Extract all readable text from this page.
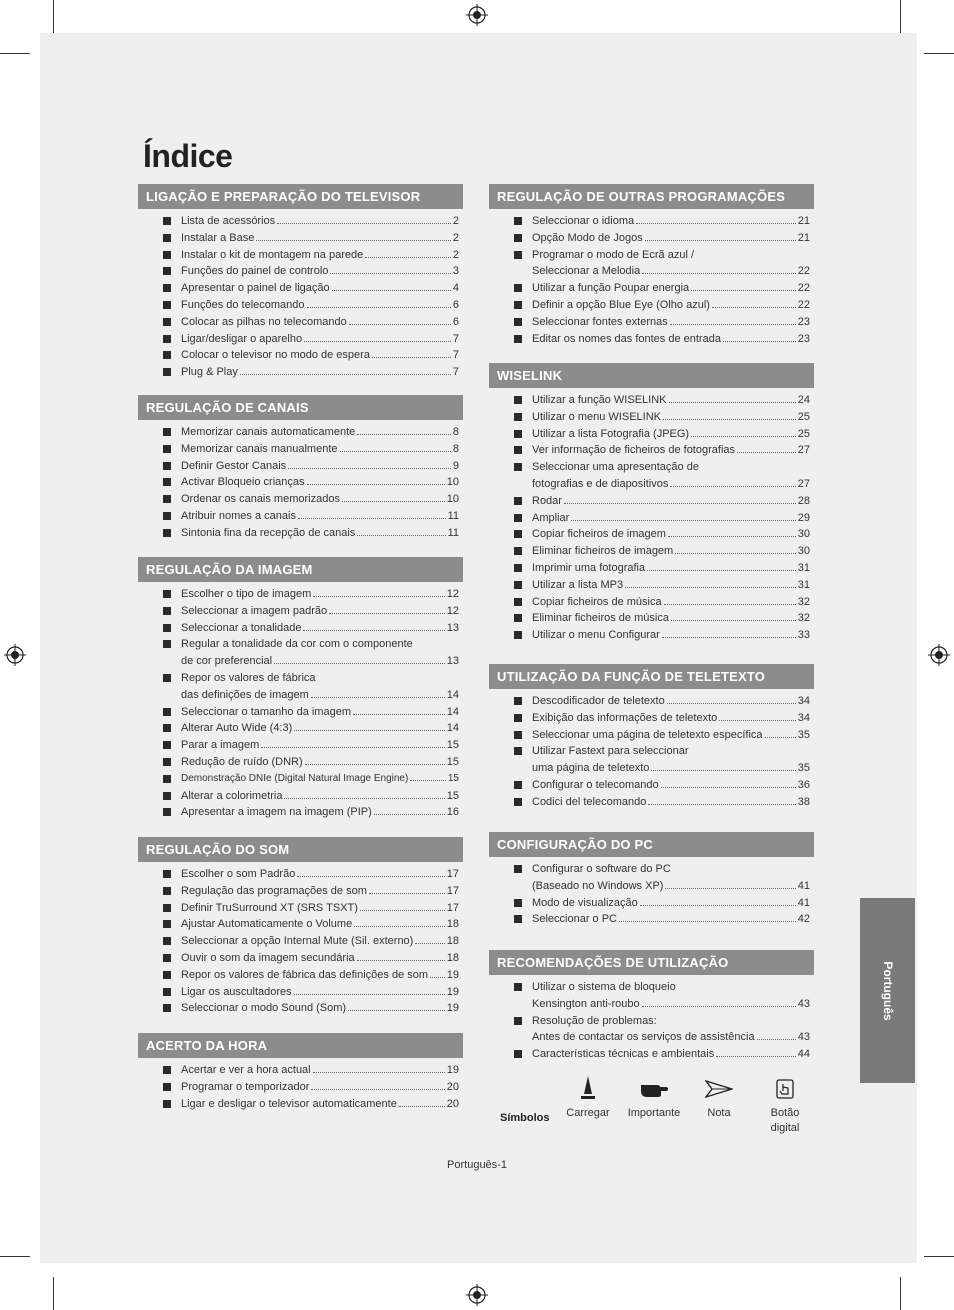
Índice
LIGAÇÃO E PREPARAÇÃO DO TELEVISOR
Lista de acessórios	2
Instalar a Base	2
Instalar o kit de montagem na parede	2
Funções do painel de controlo	3
Apresentar o painel de ligação	4
Funções do telecomando	6
Colocar as pilhas no telecomando	6
Ligar/desligar o aparelho	7
Colocar o televisor no modo de espera	7
Plug & Play	7
REGULAÇÃO DE CANAIS
Memorizar canais automaticamente	8
Memorizar canais manualmente	8
Definir Gestor Canais	9
Activar Bloqueio crianças	10
Ordenar os canais memorizados	10
Atribuir nomes a canais	11
Sintonia fina da recepção de canais	11
REGULAÇÃO DA IMAGEM
Escolher o tipo de imagem	12
Seleccionar a imagem padrão	12
Seleccionar a tonalidade	13
Regular a tonalidade da cor com o componente
de cor preferencial	13
Repor os valores de fábrica
das definições de imagem	14
Seleccionar o tamanho da imagem	14
Alterar Auto Wide (4:3)	14
Parar a imagem	15
Redução de ruído (DNR)	15
Demonstração DNIe (Digital Natural Image Engine)	15
Alterar a colorimetria	15
Apresentar a imagem na imagem (PIP)	16
REGULAÇÃO DO SOM
Escolher o som Padrão	17
Regulação das programações de som	17
Definir TruSurround XT (SRS TSXT)	17
Ajustar Automaticamente o Volume	18
Seleccionar a opção Internal Mute (Sil. externo)	18
Ouvir o som da imagem secundária	18
Repor os valores de fábrica das definições de som 19
Ligar os auscultadores	19
Seleccionar o modo Sound (Som)	19
ACERTO DA HORA
Acertar e ver a hora actual	19
Programar o temporizador	20
Ligar e desligar o televisor automaticamente	20
REGULAÇÃO DE OUTRAS PROGRAMAÇÕES
Seleccionar o idioma	21
Opção Modo de Jogos	21
Programar o modo de Ecrã azul /
Seleccionar a Melodia	22
Utilizar a função Poupar energia	22
Definir a opção Blue Eye (Olho azul)	22
Seleccionar fontes externas	23
Editar os nomes das fontes de entrada	23
WISELINK
Utilizar a função WISELINK	24
Utilizar o menu WISELINK	25
Utilizar a lista Fotografia (JPEG)	25
Ver informação de ficheiros de fotografias	27
Seleccionar uma apresentação de
fotografias e de diapositivos	27
Rodar	28
Ampliar	29
Copiar ficheiros de imagem	30
Eliminar ficheiros de imagem	30
Imprimir uma fotografia	31
Utilizar a lista MP3	31
Copiar ficheiros de música	32
Eliminar ficheiros de música	32
Utilizar o menu Configurar	33
UTILIZAÇÃO DA FUNÇÃO DE TELETEXTO
Descodificador de teletexto	34
Exibição das informações de teletexto	34
Seleccionar uma página de teletexto específica	35
Utilizar Fastext para seleccionar
uma página de teletexto	35
Configurar o telecomando	36
Codici del telecomando	38
CONFIGURAÇÃO DO PC
Configurar o software do PC
(Baseado no Windows XP)	41
Modo de visualização	41
Seleccionar o PC	42
RECOMENDAÇÕES DE UTILIZAÇÃO
Utilizar o sistema de bloqueio
Kensington anti-roubo	43
Resolução de problemas:
Antes de contactar os serviços de assistência	43
Características técnicas e ambientais	44
Português
Símbolos	Carregar	Importante	Nota	Botão digital
Português-1
